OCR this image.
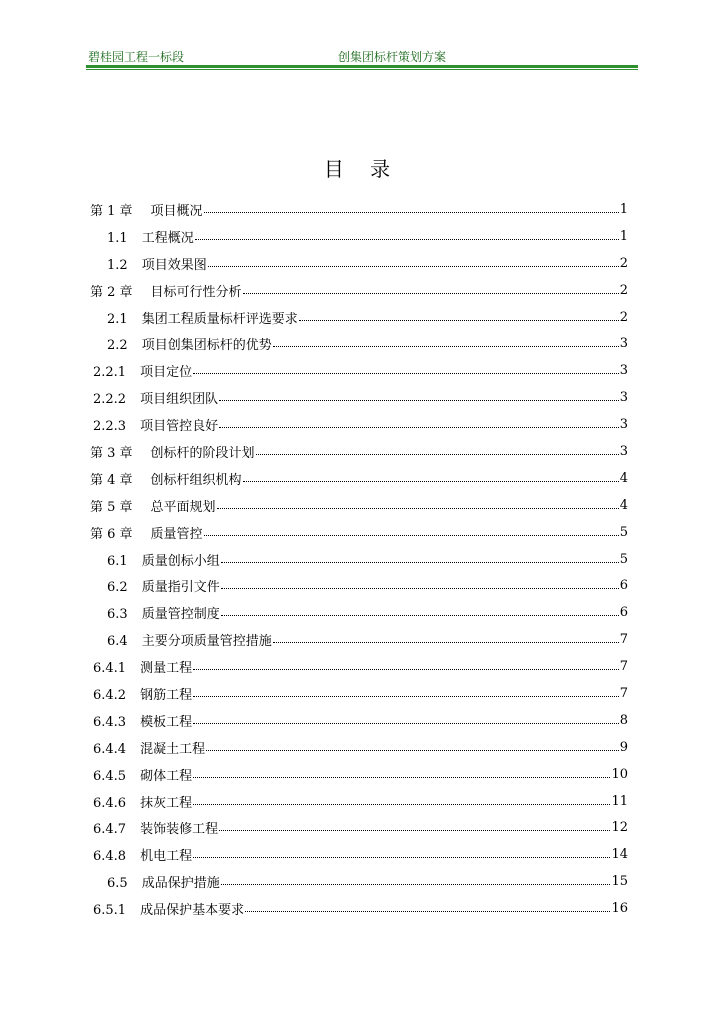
碧桂园工程一标段	创集团标杆策划方案
目 录
第 1 章 项目概况	1
1.1 工程概况	1
1.2 项目效果图	2
第 2 章 目标可行性分析	2
2.1 集团工程质量标杆评选要求	2
2.2 项目创集团标杆的优势	3
2.2.1 项目定位	3
2.2.2 项目组织团队	3
2.2.3 项目管控良好	3
第 3 章 创标杆的阶段计划	3
第 4 章 创标杆组织机构	4
第 5 章 总平面规划	4
第 6 章 质量管控	5
6.1 质量创标小组	5
6.2 质量指引文件	6
6.3 质量管控制度	6
6.4 主要分项质量管控措施	7
6.4.1 测量工程	7
6.4.2 钢筋工程	7
6.4.3 模板工程	8
6.4.4 混凝土工程	9
6.4.5 砌体工程	10
6.4.6 抹灰工程	11
6.4.7 装饰装修工程	12
6.4.8 机电工程	14
6.5 成品保护措施	15
6.5.1 成品保护基本要求	16
